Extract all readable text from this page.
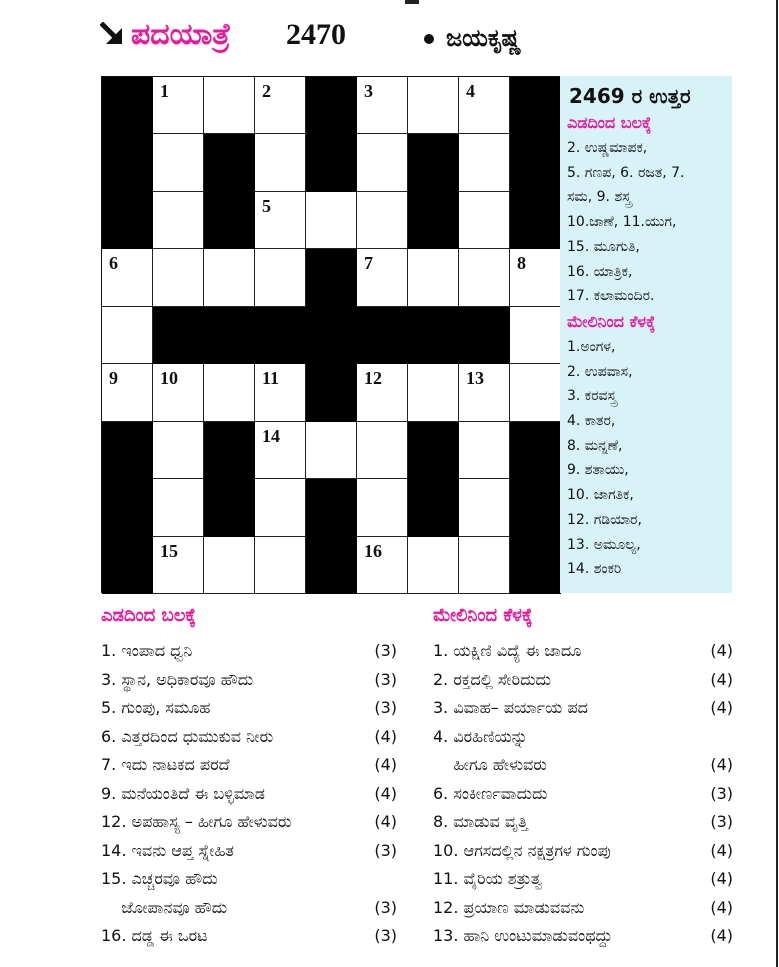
ಪದಯಾತ್ರೆ 2470	ಜಯಕೃಷ್ಣ
1	2	3	4
5
6	7	8
9 10	11	12	13
14
15	16
2469 ರ ಉತ್ತರ
ಎಡದಿಂದ ಬಲಕ್ಕೆ
2. ಉಷ್ಣಮಾಪಕ,
5. ಗಣಪ, 6. ರಜತ, 7.
ಸಮ, 9. ಶಸ್ತ್ರ
10.ಜಾಣೆ, 11.ಯುಗ,
15. ಮೂಗುತಿ,
16. ಯಾತ್ರಿಕ,
17. ಕಲಾಮಂದಿರ.
ಮೇಲಿನಿಂದ ಕೆಳಕ್ಕೆ
1.ಅಂಗಳ,
2. ಉಪವಾಸ,
3. ಕರವಸ್ತ್ರ
4. ಕಾತರ,
8. ಮನ್ನಣೆ,
9. ಶತಾಯು,
10. ಜಾಗತಿಕ,
12. ಗಡಿಯಾರ,
13. ಅಮೂಲ್ಯ,
14. ಶಂಕರಿ
ಎಡದಿಂದ ಬಲಕ್ಕೆ
1. ಇಂಪಾದ ಧ್ವನಿ	(3)
3. ಸ್ಥಾನ, ಅಧಿಕಾರವೂ ಹೌದು	(3)
5. ಗುಂಪು, ಸಮೂಹ	(3)
6. ಎತ್ತರದಿಂದ ಧುಮುಕುವ ನೀರು	(4)
7. ಇದು ನಾಟಕದ ಪರದೆ	(4)
9. ಮನೆಯಂತಿದೆ ಈ ಬಳ್ಳಿಮಾಡ	(4)
12. ಅಪಹಾಸ್ಯ – ಹೀಗೂ ಹೇಳುವರು	(4)
14. ಇವನು ಆಪ್ತ ಸ್ನೇಹಿತ	(3)
15. ಎಚ್ಚರವೂ ಹೌದು
ಜೋಪಾನವೂ ಹೌದು	(3)
16. ದಡ್ಡ ಈ ಒರಟ	(3)
ಮೇಲಿನಿಂದ ಕೆಳಕ್ಕೆ
1. ಯಕ್ಷಿಣಿ ವಿದ್ಯೆ ಈ ಜಾದೂ	(4)
2. ರಕ್ತದಲ್ಲಿ ಸೇರಿದುದು	(4)
3. ವಿವಾಹ– ಪರ್ಯಾಯ ಪದ	(4)
4. ವಿರಹಿಣಿಯನ್ನು
ಹೀಗೂ ಹೇಳುವರು	(4)
6. ಸಂಕೀರ್ಣವಾದುದು	(3)
8. ಮಾಡುವ ವೃತ್ತಿ	(3)
10. ಆಗಸದಲ್ಲಿನ ನಕ್ಷತ್ರಗಳ ಗುಂಪು	(4)
11. ವೈರಿಯ ಶತ್ರುತ್ವ	(4)
12. ಪ್ರಯಾಣ ಮಾಡುವವನು	(4)
13. ಹಾನಿ ಉಂಟುಮಾಡುವಂಥದ್ದು	(4)
